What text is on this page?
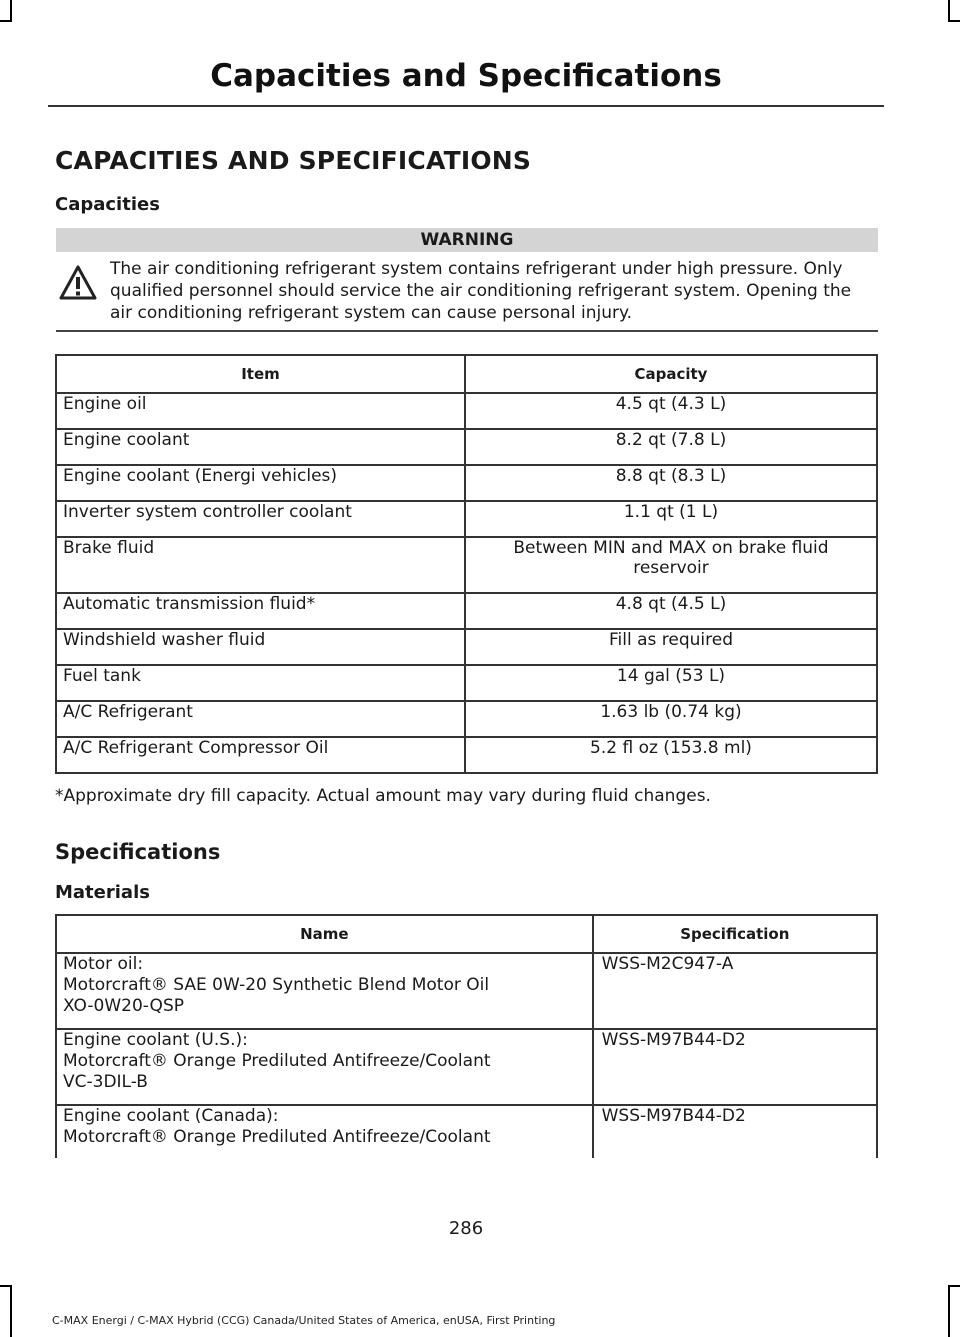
Capacities and Specifications
CAPACITIES AND SPECIFICATIONS
Capacities
WARNING
The air conditioning refrigerant system contains refrigerant under high pressure. Only qualified personnel should service the air conditioning refrigerant system. Opening the air conditioning refrigerant system can cause personal injury.
Item	Capacity
Engine oil	4.5 qt (4.3 L)
Engine coolant	8.2 qt (7.8 L)
Engine coolant (Energi vehicles)	8.8 qt (8.3 L)
Inverter system controller coolant	1.1 qt (1 L)
Brake fluid	Between MIN and MAX on brake fluid reservoir
Automatic transmission fluid*	4.8 qt (4.5 L)
Windshield washer fluid	Fill as required
Fuel tank	14 gal (53 L)
A/C Refrigerant	1.63 lb (0.74 kg)
A/C Refrigerant Compressor Oil	5.2 fl oz (153.8 ml)
*Approximate dry fill capacity. Actual amount may vary during fluid changes.
Specifications
Materials
Name	Specification

Motor oil:
Motorcraft® SAE 0W-20 Synthetic Blend Motor Oil
XO-0W20-QSP	WSS-M2C947-A

Engine coolant (U.S.):
Motorcraft® Orange Prediluted Antifreeze/Coolant
VC-3DIL-B	WSS-M97B44-D2

Engine coolant (Canada):
Motorcraft® Orange Prediluted Antifreeze/Coolant	WSS-M97B44-D2
286
C-MAX Energi / C-MAX Hybrid (CCG) Canada/United States of America, enUSA, First Printing
